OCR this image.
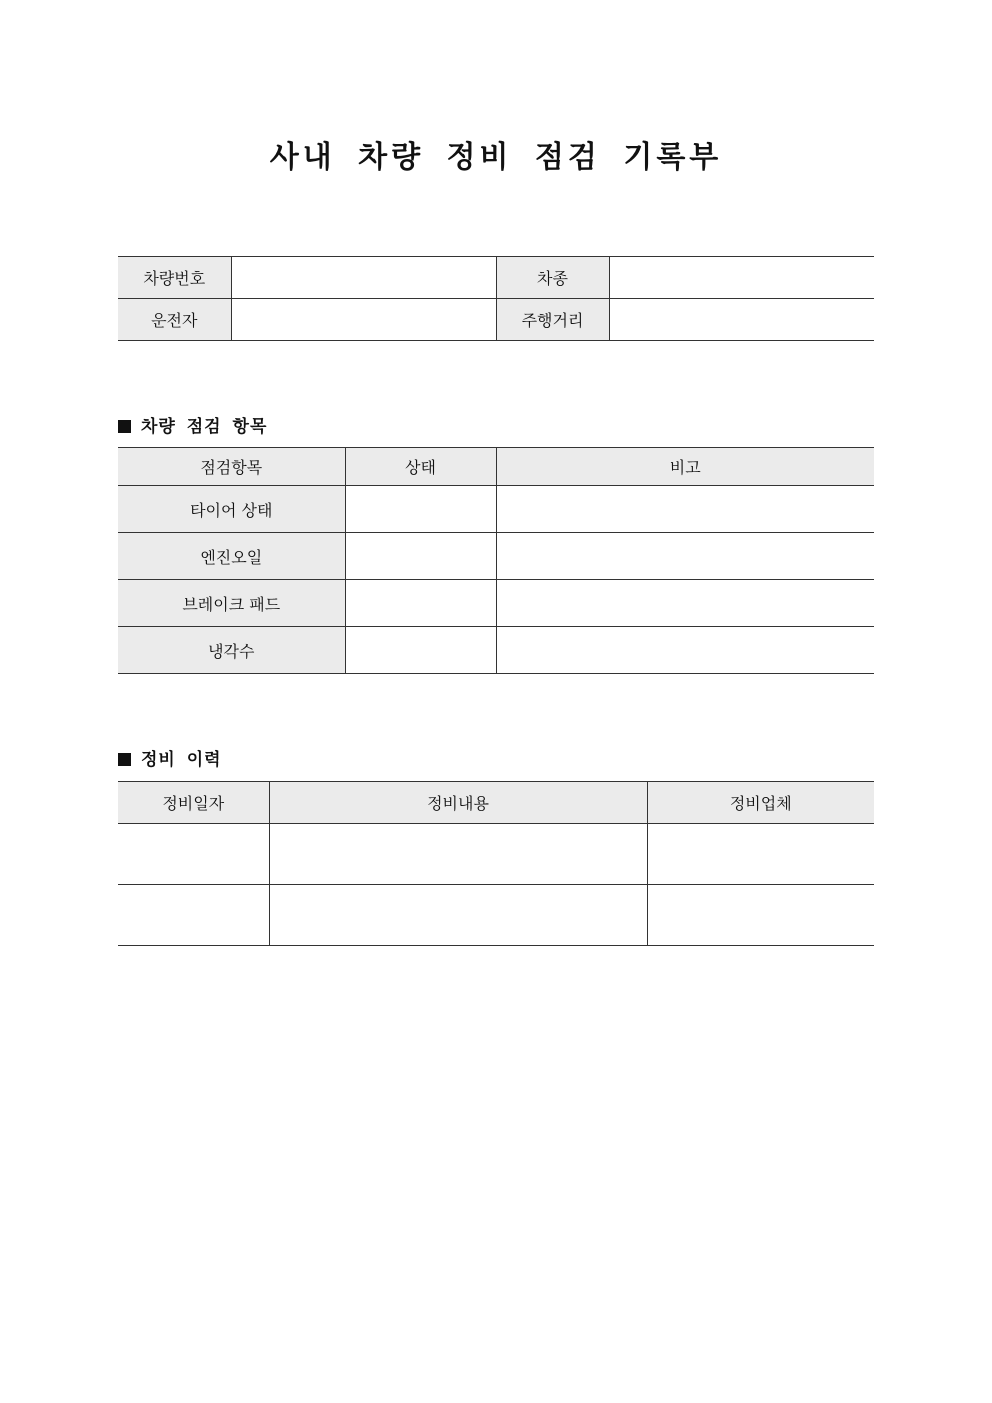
사내 차량 정비 점검 기록부
차량번호		차종	
운전자		주행거리	
차량 점검 항목
점검항목	상태	비고
타이어 상태		
엔진오일		
브레이크 패드		
냉각수		
정비 이력
정비일자	정비내용	정비업체
